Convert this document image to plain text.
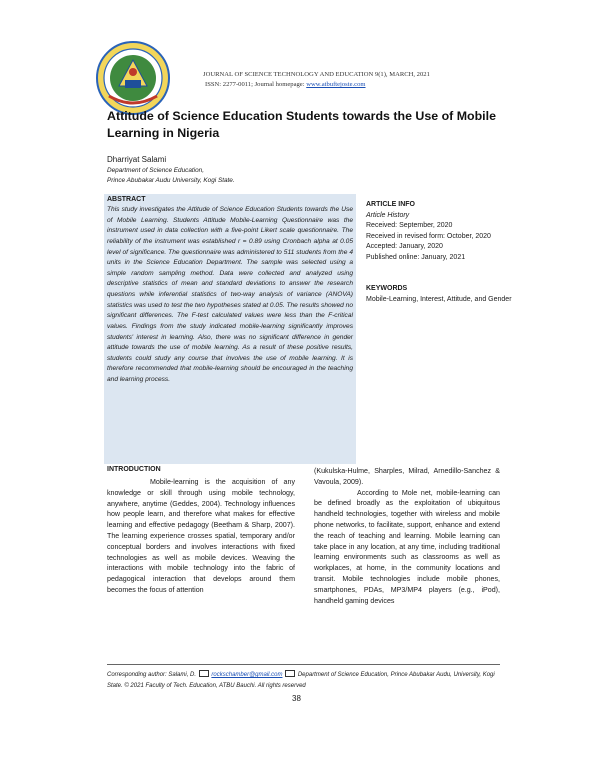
JOURNAL OF SCIENCE TECHNOLOGY AND EDUCATION 9(1), MARCH, 2021
ISSN: 2277-0011; Journal homepage: www.atbuftejoste.com
Attitude of Science Education Students towards the Use of Mobile Learning in Nigeria
Dharriyat Salami
Department of Science Education,
Prince Abubakar Audu University, Kogi State.
ABSTRACT
This study investigates the Attitude of Science Education Students towards the Use of Mobile Learning. Students Attitude Mobile-Learning Questionnaire was the instrument used in data collection with a five-point Likert scale questionnaire. The reliability of the instrument was established r = 0.89 using Cronbach alpha at 0.05 level of significance. The questionnaire was administered to 511 students from the 4 units in the Science Education Department. The sample was selected using a simple random sampling method. Data were collected and analyzed using descriptive statistics of mean and standard deviations to answer the research questions while inferential statistics of two-way analysis of variance (ANOVA) statistics was used to test the two hypotheses stated at 0.05. The results showed no significant differences. The F-test calculated values were less than the F-critical values. Findings from the study indicated mobile-learning significantly improves students' interest in learning. Also, there was no significant difference in gender attitude towards the use of mobile learning. As a result of these positive results, students could study any course that involves the use of mobile learning. It is therefore recommended that mobile-learning should be encouraged in the teaching and learning process.
ARTICLE INFO
Article History
Received: September, 2020
Received in revised form: October, 2020
Accepted: January, 2020
Published online: January, 2021
KEYWORDS
Mobile-Learning, Interest, Attitude, and Gender
INTRODUCTION

Mobile-learning is the acquisition of any knowledge or skill through using mobile technology, anywhere, anytime (Geddes, 2004). Technology influences how people learn, and therefore what makes for effective learning and effective pedagogy (Beetham & Sharp, 2007). The learning experience crosses spatial, temporary and/or conceptual borders and involves interactions with fixed technologies as well as mobile devices. Weaving the interactions with mobile technology into the fabric of pedagogical interaction that develops around them becomes the focus of attention

(Kukulska-Hulme, Sharples, Milrad, Arnedillo-Sanchez & Vavoula, 2009).

According to Mole net, mobile-learning can be defined broadly as the exploitation of ubiquitous handheld technologies, together with wireless and mobile phone networks, to facilitate, support, enhance and extend the reach of teaching and learning. Mobile learning can take place in any location, at any time, including traditional learning environments such as classrooms as well as workplaces, at home, in the community locations and transit. Mobile technologies include mobile phones, smartphones, PDAs, MP3/MP4 players (e.g., iPod), handheld gaming devices

Corresponding author: Salami, D.	rockschamber@gmail.com	Department of Science Education, Prince Abubakar Audu, University, Kogi State. © 2021 Faculty of Tech. Education, ATBU Bauchi. All rights reserved
38
